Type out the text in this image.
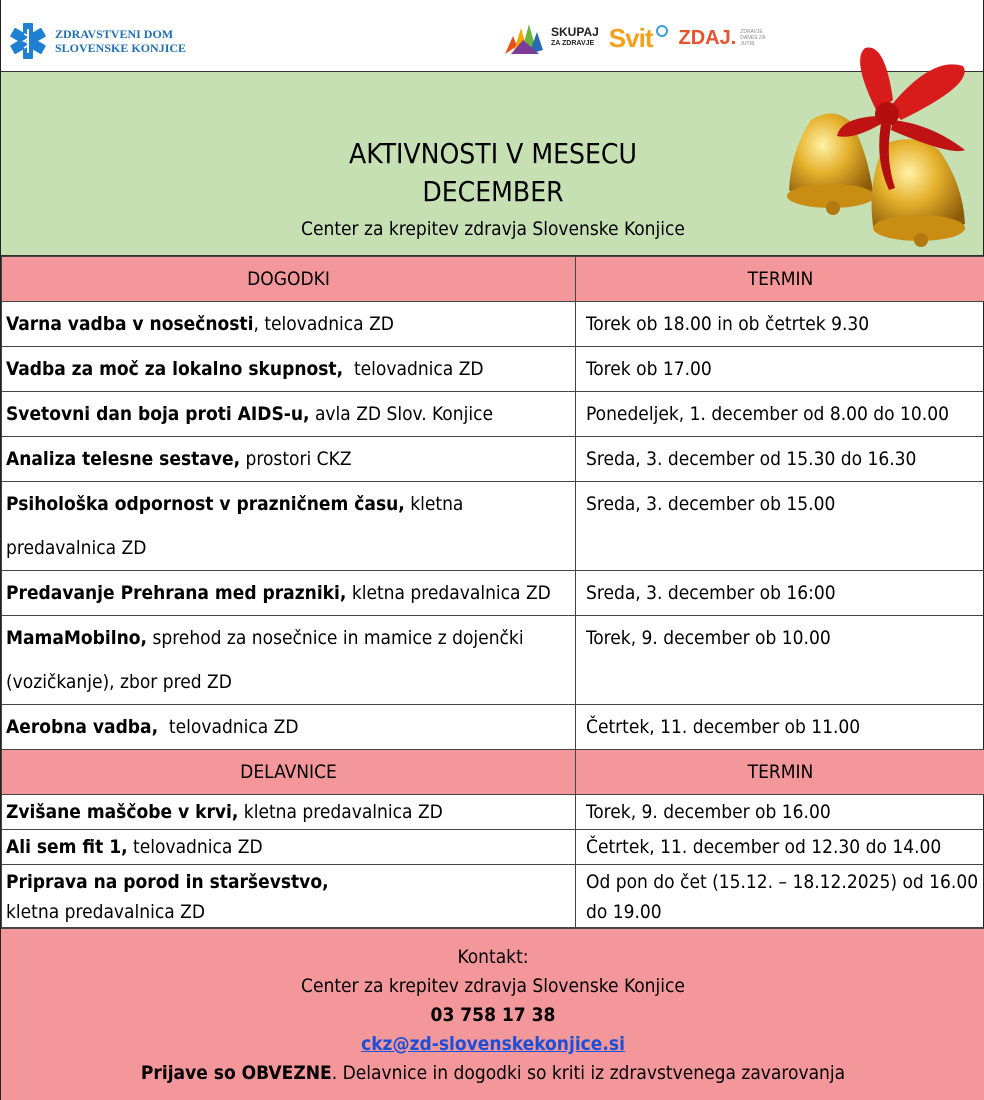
ZDRAVSTVENI DOM
SLOVENSKE KONJICE
SKUPAJ
ZA ZDRAVJE Svit ZDAJ. ZDRAVJE DANES ZA JUTRI
AKTIVNOSTI V MESECU
DECEMBER
Center za krepitev zdravja Slovenske Konjice
DOGODKI	TERMIN
Varna vadba v nosečnosti, telovadnica ZD	Torek ob 18.00 in ob četrtek 9.30
Vadba za moč za lokalno skupnost,  telovadnica ZD	Torek ob 17.00
Svetovni dan boja proti AIDS-u, avla ZD Slov. Konjice	Ponedeljek, 1. december od 8.00 do 10.00
Analiza telesne sestave, prostori CKZ	Sreda, 3. december od 15.30 do 16.30
Psihološka odpornost v prazničnem času, kletna predavalnica ZD	Sreda, 3. december ob 15.00
Predavanje Prehrana med prazniki, kletna predavalnica ZD	Sreda, 3. december ob 16:00
MamaMobilno, sprehod za nosečnice in mamice z dojenčki (vozičkanje), zbor pred ZD	Torek, 9. december ob 10.00
Aerobna vadba,  telovadnica ZD	Četrtek, 11. december ob 11.00
DELAVNICE	TERMIN
Zvišane maščobe v krvi, kletna predavalnica ZD	Torek, 9. december ob 16.00
Ali sem fit 1, telovadnica ZD	Četrtek, 11. december od 12.30 do 14.00
Priprava na porod in starševstvo,
kletna predavalnica ZD	Od pon do čet (15.12. – 18.12.2025) od 16.00 do 19.00
Kontakt:
Center za krepitev zdravja Slovenske Konjice
03 758 17 38
ckz@zd-slovenskekonjice.si
Prijave so OBVEZNE. Delavnice in dogodki so kriti iz zdravstvenega zavarovanja
